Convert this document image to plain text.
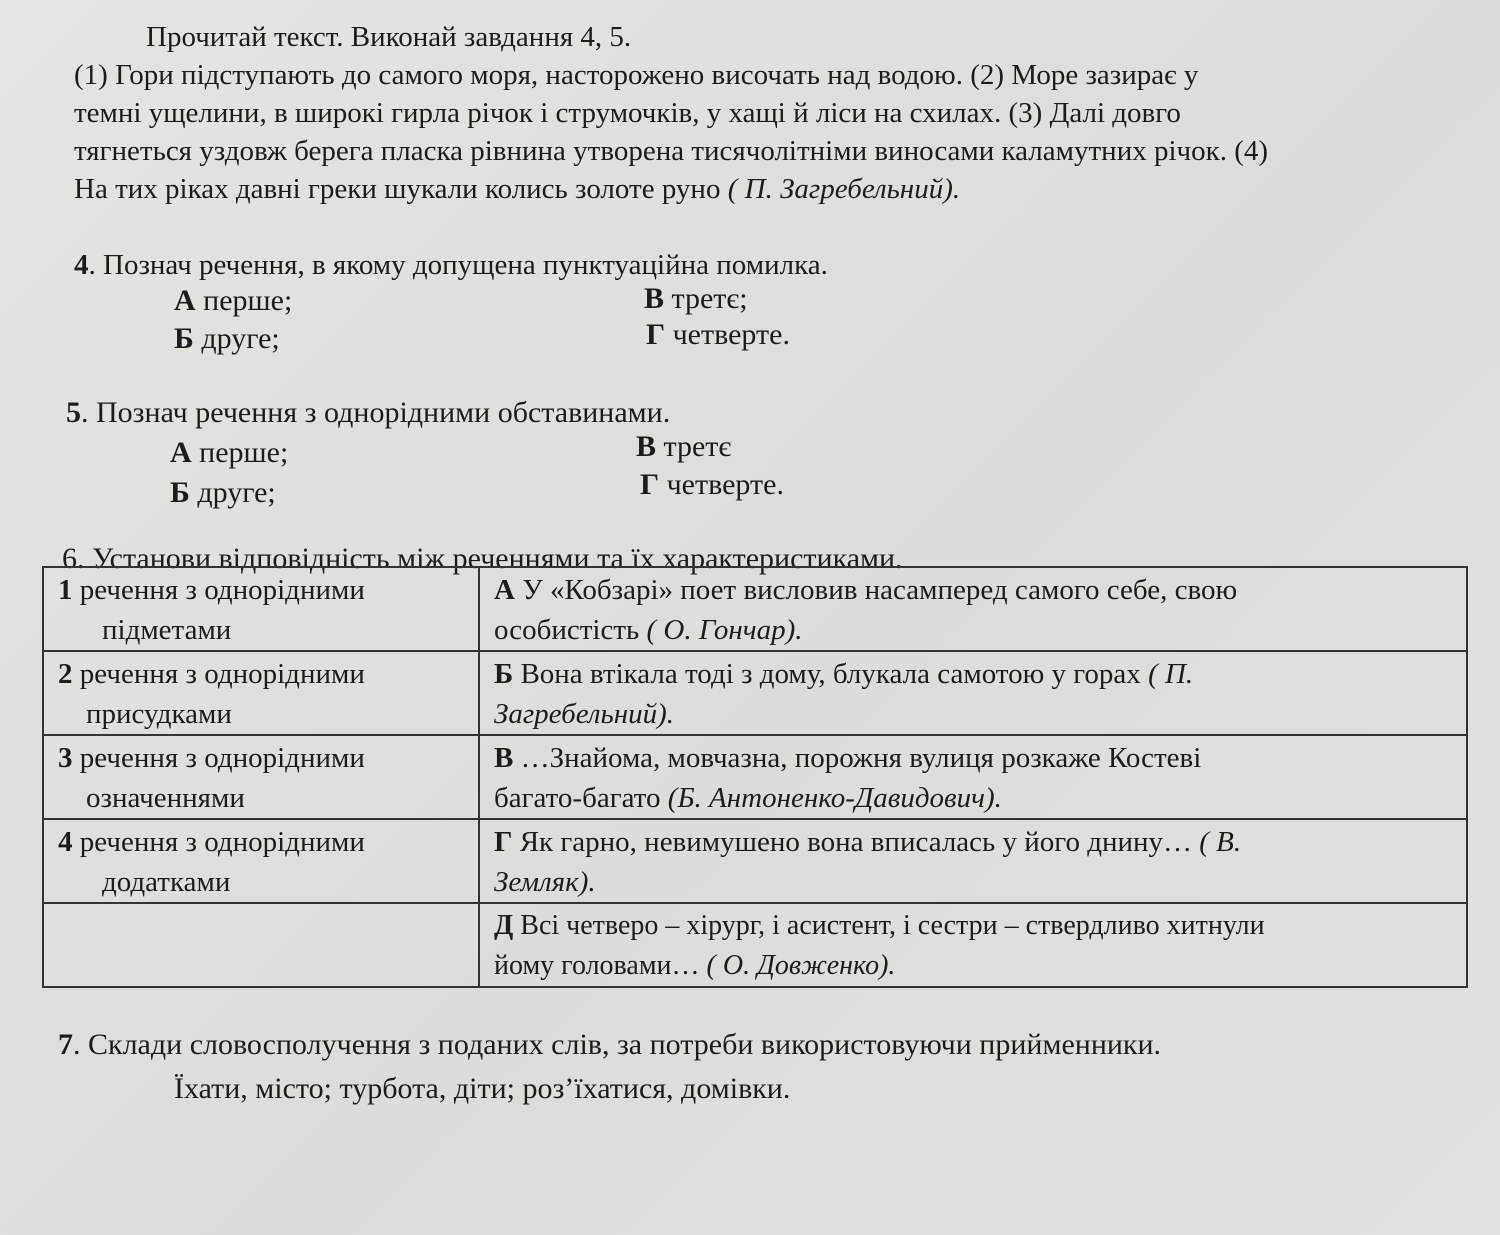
Прочитай текст. Виконай завдання 4, 5.
(1) Гори підступають до самого моря, насторожено височать над водою. (2) Море зазирає у
темні ущелини, в широкі гирла річок і струмочків, у хащі й ліси на схилах. (3) Далі довго
тягнеться уздовж берега пласка рівнина утворена тисячолітніми виносами каламутних річок. (4)
На тих ріках давні греки шукали колись золоте руно ( П. Загребельний).
4. Познач речення, в якому допущена пунктуаційна помилка.
А перше;
Б друге;
В третє;
Г четверте.
5. Познач речення з однорідними обставинами.
А перше;
Б друге;
В третє
Г четверте.
6. Установи відповідність між реченнями та їх характеристиками.
1 речення з однорідними
підметами	А У «Кобзарі» поет висловив насамперед самого себе, свою
особистість ( О. Гончар).
2 речення з однорідними
присудками	Б Вона втікала тоді з дому, блукала самотою у горах ( П.
Загребельний).
3 речення з однорідними
означеннями	В …Знайома, мовчазна, порожня вулиця розкаже Костеві
багато-багато (Б. Антоненко-Давидович).
4 речення з однорідними
додатками	Г Як гарно, невимушено вона вписалась у його днину… ( В.
Земляк).
	Д Всі четверо – хірург, і асистент, і сестри – ствердливо хитнули
йому головами… ( О. Довженко).
7. Склади словосполучення з поданих слів, за потреби використовуючи прийменники.
Їхати, місто; турбота, діти; роз’їхатися, домівки.
